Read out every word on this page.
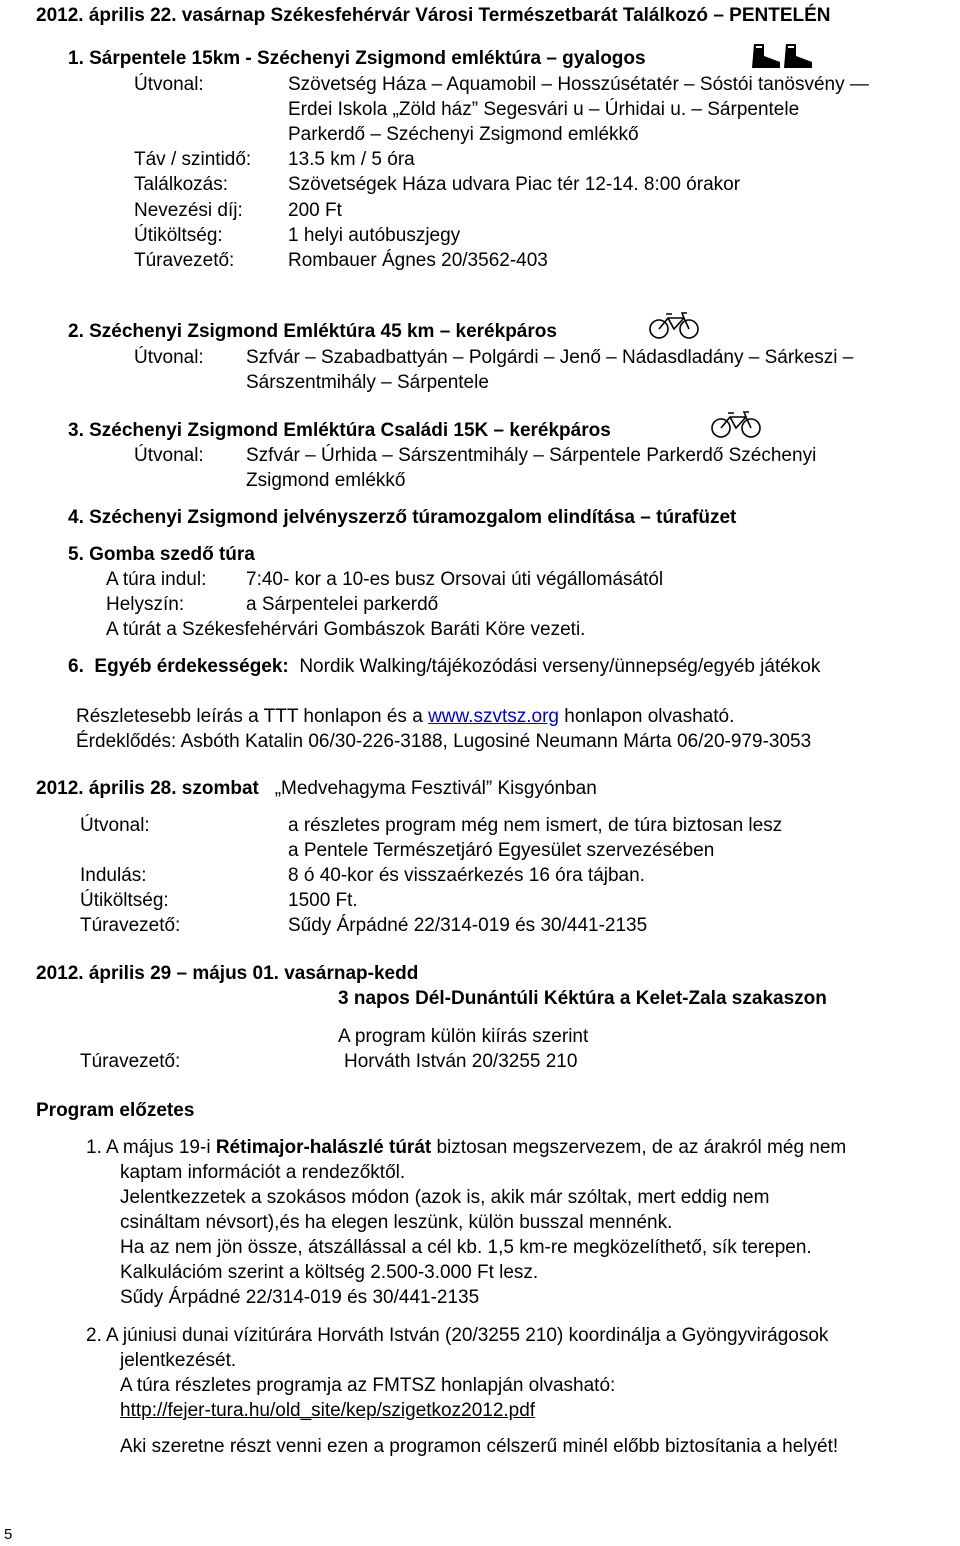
2012. április 22. vasárnap Székesfehérvár Városi Természetbarát Találkozó – PENTELÉN
1. Sárpentele 15km - Széchenyi Zsigmond emléktúra – gyalogos
Útvonal:	Szövetség Háza – Aquamobil – Hosszúsétatér – Sóstói tanösvény —
Erdei Iskola „Zöld ház” Segesvári u – Úrhidai u. – Sárpentele
Parkerdő – Széchenyi Zsigmond emlékkő
Táv / szintidő: 13.5 km / 5 óra
Találkozás:	Szövetségek Háza udvara Piac tér 12-14. 8:00 órakor
Nevezési díj: 200 Ft
Útiköltség:	1 helyi autóbuszjegy
Túravezető:	Rombauer Ágnes 20/3562-403
2. Széchenyi Zsigmond Emléktúra 45 km – kerékpáros
Útvonal: Szfvár – Szabadbattyán – Polgárdi – Jenő – Nádasdladány – Sárkeszi –
Sárszentmihály – Sárpentele
3. Széchenyi Zsigmond Emléktúra Családi 15K – kerékpáros
Útvonal: Szfvár – Úrhida – Sárszentmihály – Sárpentele Parkerdő Széchenyi
Zsigmond emlékkő
4. Széchenyi Zsigmond jelvényszerző túramozgalom elindítása – túrafüzet
5. Gomba szedő túra
A túra indul: 7:40- kor a 10-es busz Orsovai úti végállomásától
Helyszín:	a Sárpentelei parkerdő
A túrát a Székesfehérvári Gombászok Baráti Köre vezeti.
6. Egyéb érdekességek: Nordik Walking/tájékozódási verseny/ünnepség/egyéb játékok
Részletesebb leírás a TTT honlapon és a www.szvtsz.org honlapon olvasható.
Érdeklődés: Asbóth Katalin 06/30-226-3188, Lugosiné Neumann Márta 06/20-979-3053
2012. április 28. szombat „Medvehagyma Fesztivál” Kisgyónban
Útvonal:	a részletes program még nem ismert, de túra biztosan lesz
a Pentele Természetjáró Egyesület szervezésében
Indulás:	8 ó 40-kor és visszaérkezés 16 óra tájban.
Útiköltség:	1500 Ft.
Túravezető:	Sűdy Árpádné 22/314-019 és 30/441-2135
2012. április 29 – május 01. vasárnap-kedd
3 napos Dél-Dunántúli Kéktúra a Kelet-Zala szakaszon
A program külön kiírás szerint
Túravezető:	Horváth István 20/3255 210
Program előzetes
1. A május 19-i Rétimajor-halászlé túrát biztosan megszervezem, de az árakról még nem
kaptam információt a rendezőktől.
Jelentkezzetek a szokásos módon (azok is, akik már szóltak, mert eddig nem
csináltam névsort),és ha elegen leszünk, külön busszal mennénk.
Ha az nem jön össze, átszállással a cél kb. 1,5 km-re megközelíthető, sík terepen.
Kalkulációm szerint a költség 2.500-3.000 Ft lesz.
Sűdy Árpádné 22/314-019 és 30/441-2135
2. A júniusi dunai vízitúrára Horváth István (20/3255 210) koordinálja a Gyöngyvirágosok
jelentkezését.
A túra részletes programja az FMTSZ honlapján olvasható:
http://fejer-tura.hu/old_site/kep/szigetkoz2012.pdf
Aki szeretne részt venni ezen a programon célszerű minél előbb biztosítania a helyét!
5
